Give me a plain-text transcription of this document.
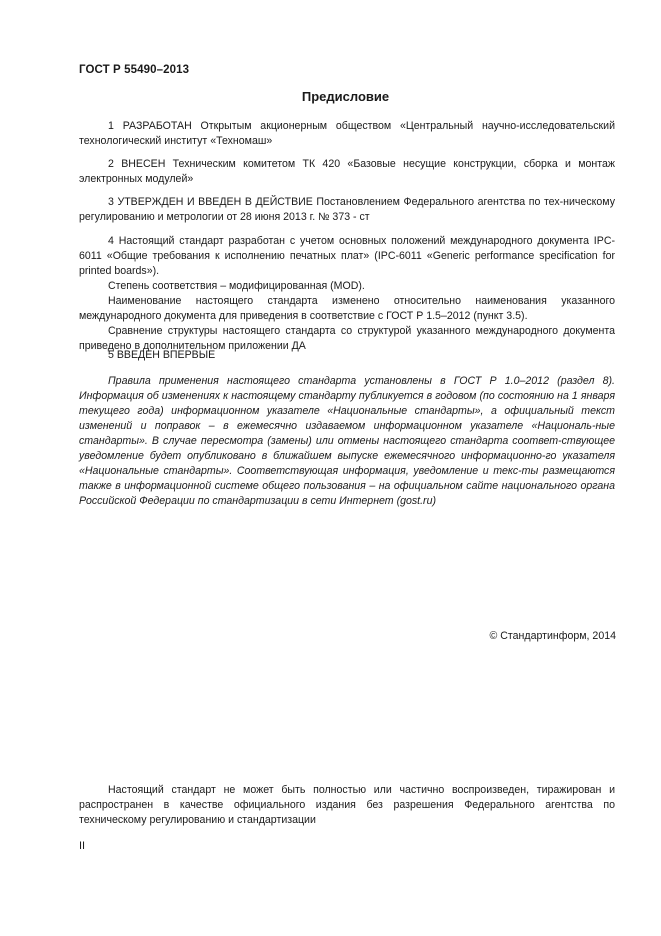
ГОСТ Р 55490–2013
Предисловие

1 РАЗРАБОТАН Открытым акционерным обществом «Центральный научно-исследовательский технологический институт «Техномаш»

2 ВНЕСЕН Техническим комитетом ТК 420 «Базовые несущие конструкции, сборка и монтаж электронных модулей»

3 УТВЕРЖДЕН И ВВЕДЕН В ДЕЙСТВИЕ Постановлением Федерального агентства по тех-ническому регулированию и метрологии от 28 июня 2013 г. № 373 - ст

4 Настоящий стандарт разработан с учетом основных положений международного документа IPC-6011 «Общие требования к исполнению печатных плат» (IPC-6011 «Generic performance specification for printed boards»).

Степень соответствия – модифицированная (MOD).

Наименование настоящего стандарта изменено относительно наименования указанного международного документа для приведения в соответствие с ГОСТ Р 1.5–2012 (пункт 3.5).

Сравнение структуры настоящего стандарта со структурой указанного международного документа приведено в дополнительном приложении ДА

5 ВВЕДЕН ВПЕРВЫЕ

Правила применения настоящего стандарта установлены в ГОСТ Р 1.0–2012 (раздел 8). Информация об изменениях к настоящему стандарту публикуется в годовом (по состоянию на 1 января текущего года) информационном указателе «Национальные стандарты», а официальный текст изменений и поправок – в ежемесячно издаваемом информационном указателе «Националь-ные стандарты». В случае пересмотра (замены) или отмены настоящего стандарта соответ-ствующее уведомление будет опубликовано в ближайшем выпуске ежемесячного информационно-го указателя «Национальные стандарты». Соответствующая информация, уведомление и текс-ты размещаются также в информационной системе общего пользования – на официальном сайте национального органа Российской Федерации по стандартизации в сети Интернет (gost.ru)

© Стандартинформ, 2014

Настоящий стандарт не может быть полностью или частично воспроизведен, тиражирован и распространен в качестве официального издания без разрешения Федерального агентства по техническому регулированию и стандартизации

II
